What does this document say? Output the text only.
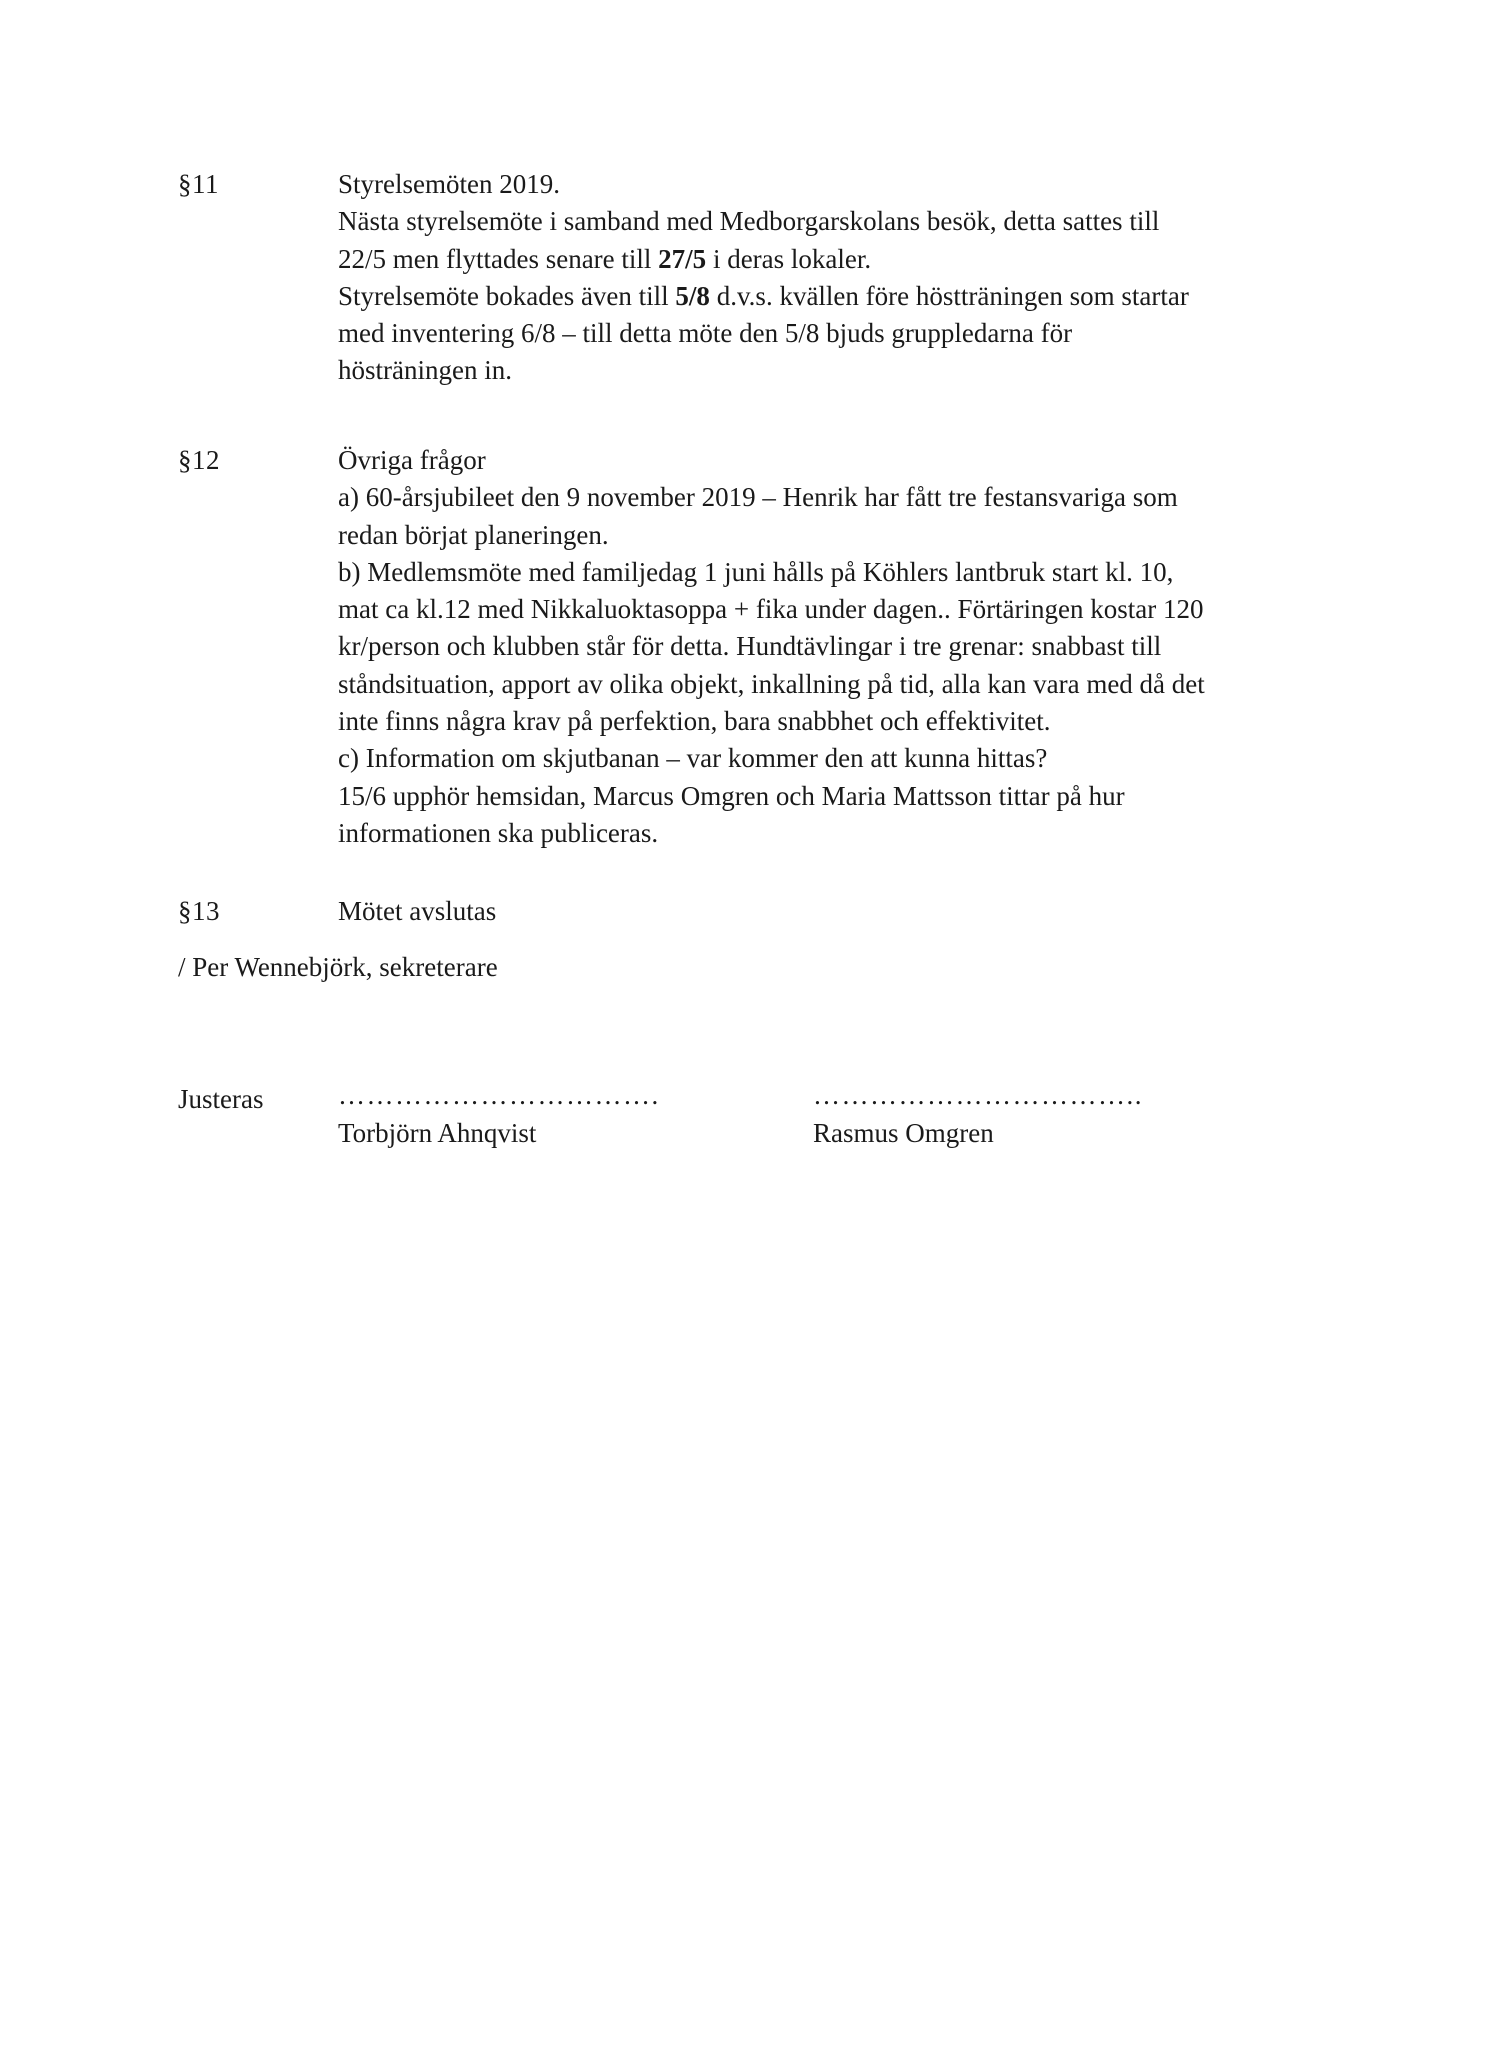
§11	Styrelsemöten 2019.
Nästa styrelsemöte i samband med Medborgarskolans besök, detta sattes till
22/5 men flyttades senare till 27/5 i deras lokaler.
Styrelsemöte bokades även till 5/8 d.v.s. kvällen före höstträningen som startar
med inventering 6/8 – till detta möte den 5/8 bjuds gruppledarna för
hösträningen in.
§12	Övriga frågor
a) 60-årsjubileet den 9 november 2019 – Henrik har fått tre festansvariga som
redan börjat planeringen.
b) Medlemsmöte med familjedag 1 juni hålls på Köhlers lantbruk start kl. 10,
mat ca kl.12 med Nikkaluoktasoppa + fika under dagen.. Förtäringen kostar 120
kr/person och klubben står för detta. Hundtävlingar i tre grenar: snabbast till
ståndsituation, apport av olika objekt, inkallning på tid, alla kan vara med då det
inte finns några krav på perfektion, bara snabbhet och effektivitet.
c) Information om skjutbanan – var kommer den att kunna hittas?
15/6 upphör hemsidan, Marcus Omgren och Maria Mattsson tittar på hur
informationen ska publiceras.
§13	Mötet avslutas
/ Per Wennebjörk, sekreterare
Justeras	…………………………….	……………………………..
Torbjörn Ahnqvist	Rasmus Omgren
